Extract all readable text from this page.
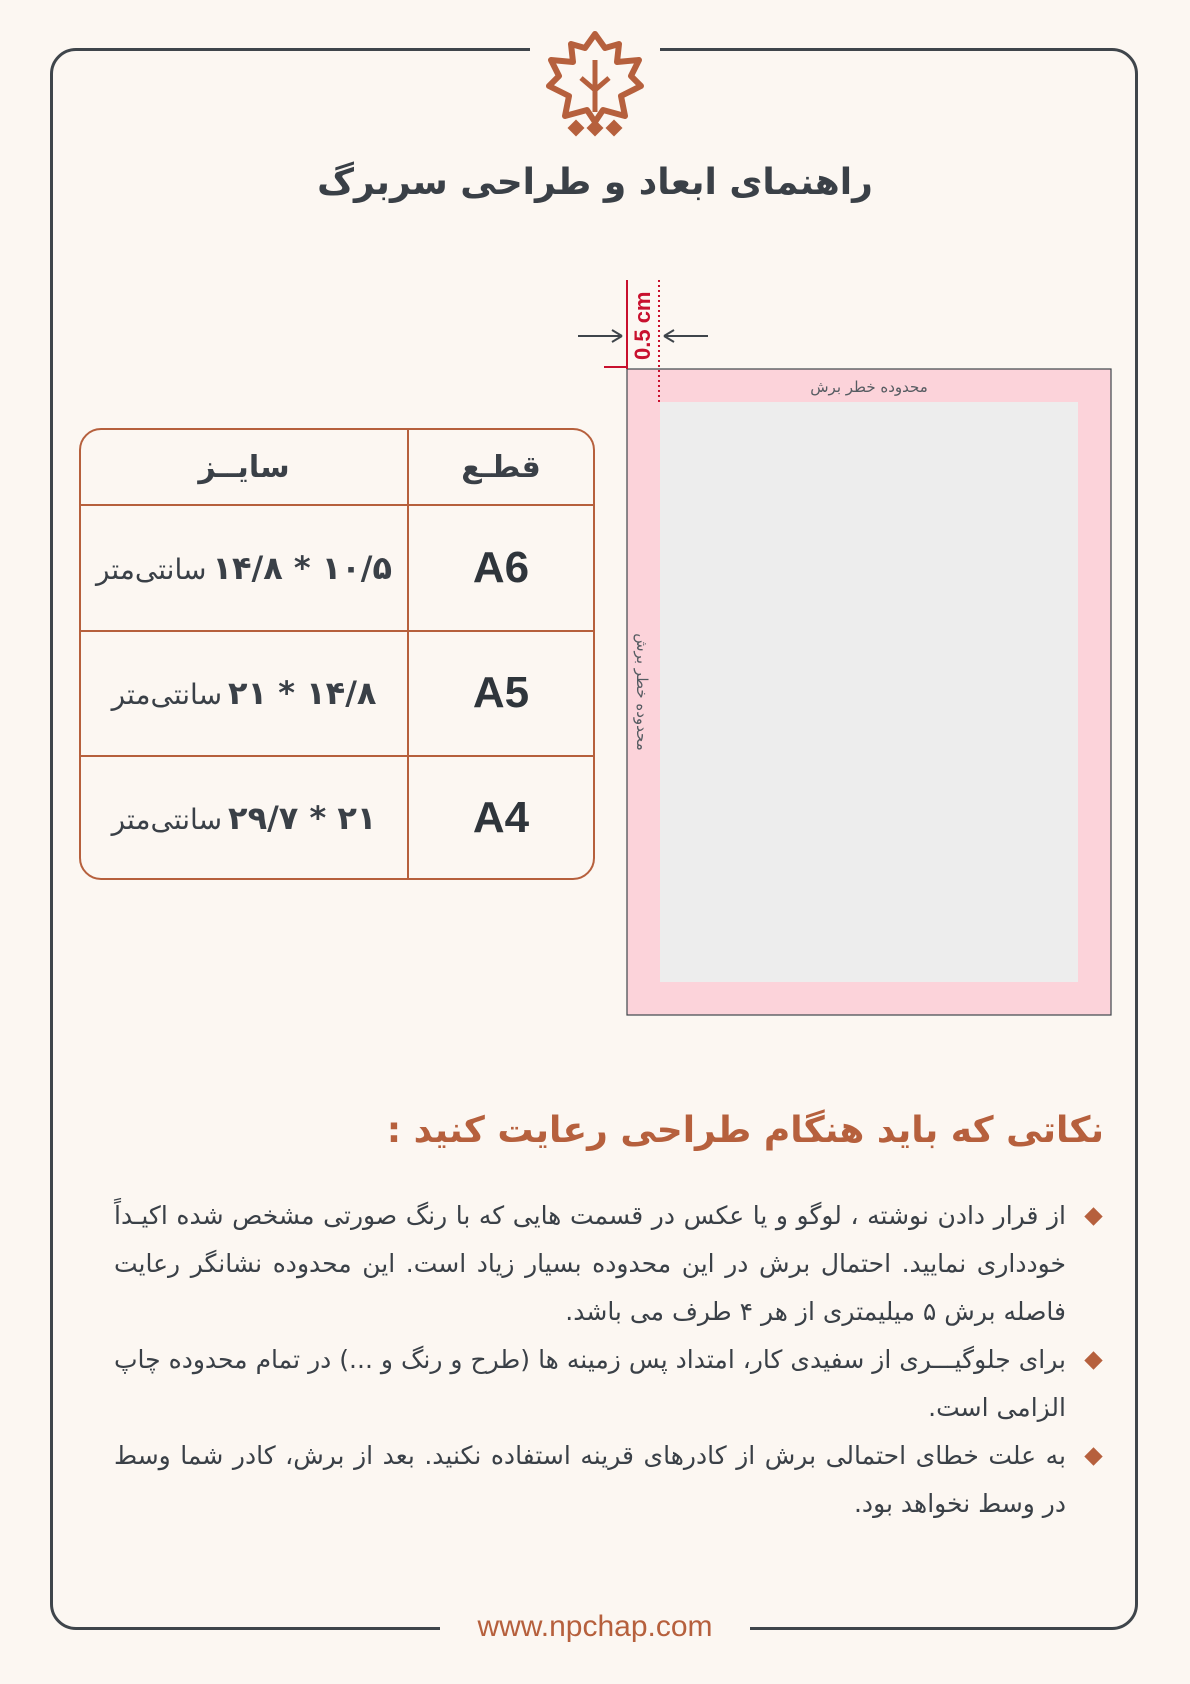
راهنمای ابعاد و طراحی سربرگ
قطـع	سایــز
A6	۱۰/۵ * ۱۴/۸سانتی‌متر
A5	۱۴/۸ * ۲۱سانتی‌متر
A4	۲۱ * ۲۹/۷سانتی‌متر
0.5 cm
محدوده خطر برش
محدوده خطر برش
نکاتی که باید هنگام طراحی رعایت کنید :
از قرار دادن نوشته ، لوگو و یا عکس در قسمت هایی که با رنگ صورتی مشخص شده اکیـداً خودداری نمایید. احتمال برش در این محدوده بسیار زیاد است. این محدوده نشانگر رعایت فاصله برش ۵ میلیمتری از هر ۴ طرف می باشد.
برای جلوگیـــری از سفیدی کار، امتداد پس زمینه ها (طرح و رنگ و ...) در تمام محدوده چاپ الزامی است.
به علت خطای احتمالی برش از کادرهای قرینه استفاده نکنید. بعد از برش، کادر شما وسط در وسط نخواهد بود.
www.npchap.com
